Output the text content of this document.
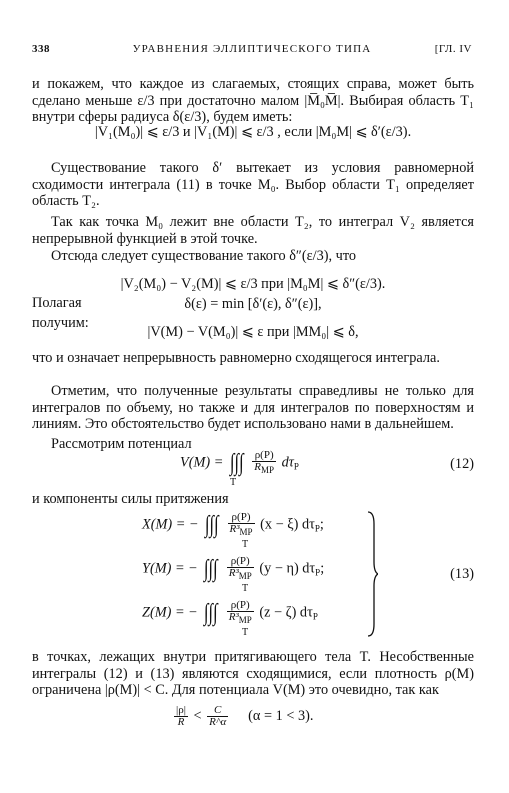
338	УРАВНЕНИЯ ЭЛЛИПТИЧЕСКОГО ТИПА	[ГЛ. IV
и покажем, что каждое из слагаемых, стоящих справа, может быть сделано меньше ε/3 при достаточно малом |M̅₀M̅|. Выбирая область T₁ внутри сферы радиуса δ(ε/3), будем иметь:
|V₁(M₀)| ⩽ ε/3 и |V₁(M)| ⩽ ε/3 , если |M₀M| ⩽ δ′(ε/3).
Существование такого δ′ вытекает из условия равномерной сходимости интеграла (11) в точке M₀. Выбор области T₁ определяет область T₂.
Так как точка M₀ лежит вне области T₂, то интеграл V₂ является непрерывной функцией в этой точке.
Отсюда следует существование такого δ″(ε/3), что
|V₂(M₀) − V₂(M)| ⩽ ε/3 при |M₀M| ⩽ δ″(ε/3).
Полагая	δ(ε) = min [δ′(ε), δ″(ε)],
получим:
|V(M) − V(M₀)| ⩽ ε при |MM₀| ⩽ δ,
что и означает непрерывность равномерно сходящегося интеграла.
Отметим, что полученные результаты справедливы не только для интегралов по объему, но также и для интегралов по поверхностям и линиям. Это обстоятельство будет использовано нами в дальнейшем.
Рассмотрим потенциал
V(M) = ∫∫∫ $\frac{\rho(P)}{R_{MP}} d\tau_P$
T
(12)
и компоненты силы притяжения
X(M) = − ∫∫∫ $\frac{\rho(P)}{R^3_{MP}} (x - \xi)$ $d\tau_P$;
T
Y(M) = − ∫∫∫ $\frac{\rho(P)}{R^3_{MP}} (y - \eta)$ $d\tau_P$;
T
Z(M) = − ∫∫∫ $\frac{\rho(P)}{R^3_{MP}} (z - \zeta)$ $d\tau_P$
T
(13)
в точках, лежащих внутри притягивающего тела T. Несобственные интегралы (12) и (13) являются сходящимися, если плотность ρ(M) ограничена |ρ(M)| < C. Для потенциала V(M) это очевидно, так как
$\frac{|\rho|}{R} < \frac{C}{R\^{}\alpha} (\alpha = 1 < 3)$.
